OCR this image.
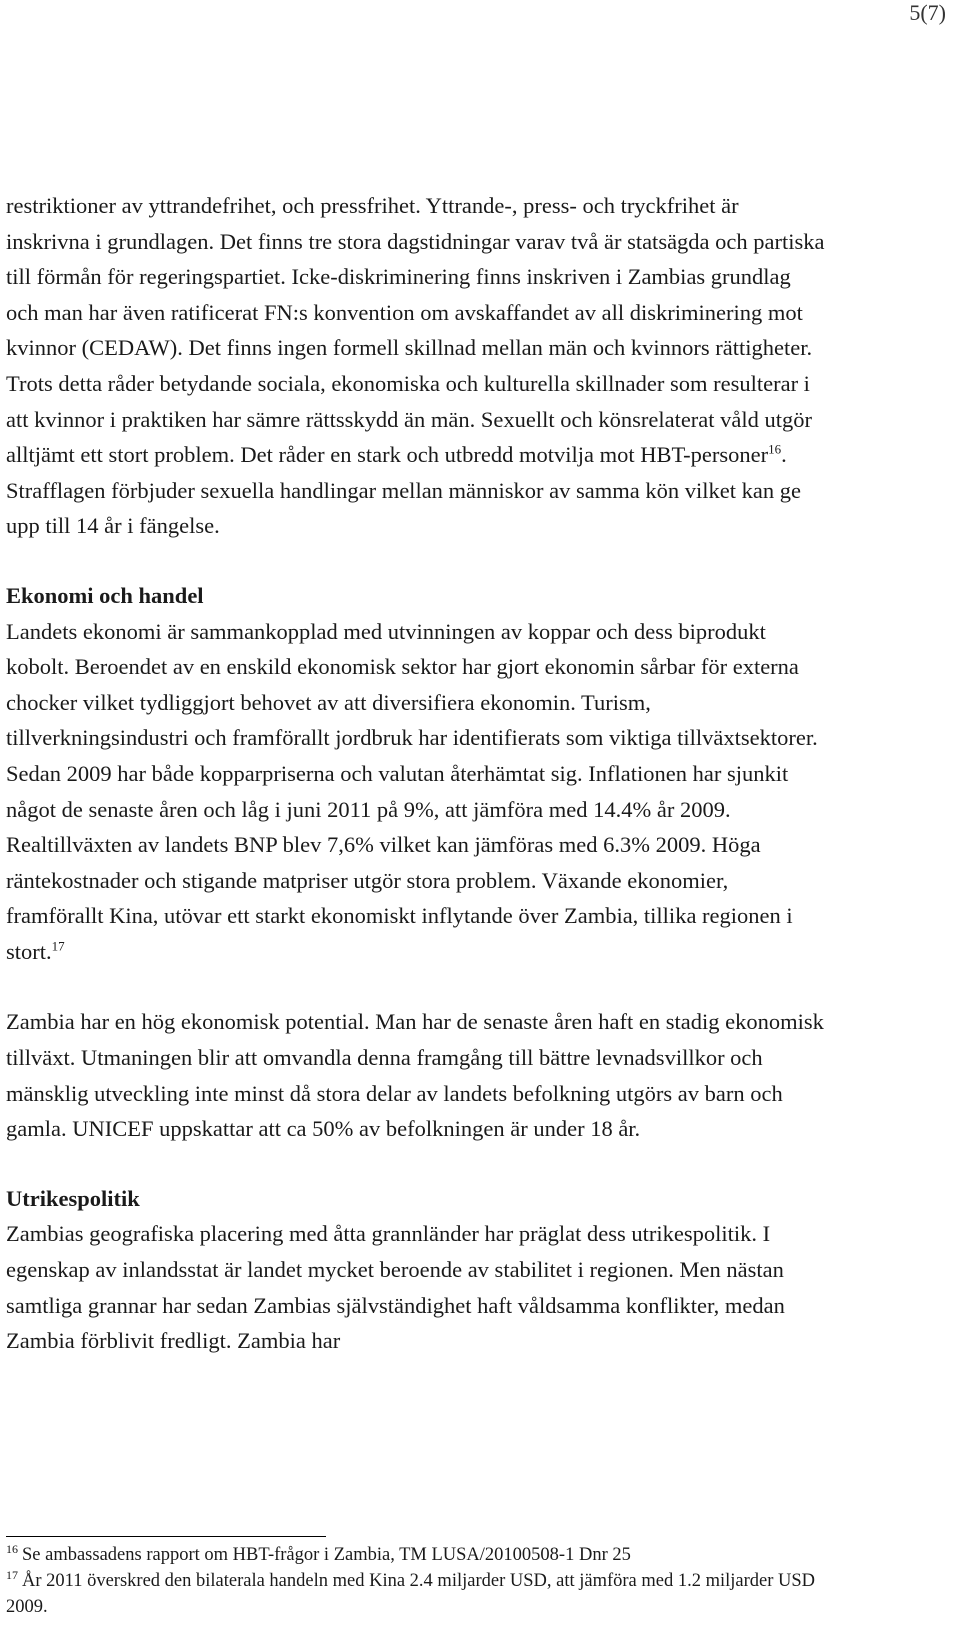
5(7)

restriktioner av yttrandefrihet, och pressfrihet. Yttrande-, press- och tryckfrihet är inskrivna i grundlagen. Det finns tre stora dagstidningar varav två är statsägda och partiska till förmån för regeringspartiet. Icke-diskriminering finns inskriven i Zambias grundlag och man har även ratificerat FN:s konvention om avskaffandet av all diskriminering mot kvinnor (CEDAW). Det finns ingen formell skillnad mellan män och kvinnors rättigheter. Trots detta råder betydande sociala, ekonomiska och kulturella skillnader som resulterar i att kvinnor i praktiken har sämre rättsskydd än män. Sexuellt och könsrelaterat våld utgör alltjämt ett stort problem. Det råder en stark och utbredd motvilja mot HBT-personer$^{16}$. Strafflagen förbjuder sexuella handlingar mellan människor av samma kön vilket kan ge upp till 14 år i fängelse.

Ekonomi och handel

Landets ekonomi är sammankopplad med utvinningen av koppar och dess biprodukt kobolt. Beroendet av en enskild ekonomisk sektor har gjort ekonomin sårbar för externa chocker vilket tydliggjort behovet av att diversifiera ekonomin. Turism, tillverkningsindustri och framförallt jordbruk har identifierats som viktiga tillväxtsektorer. Sedan 2009 har både kopparpriserna och valutan återhämtat sig. Inflationen har sjunkit något de senaste åren och låg i juni 2011 på 9%, att jämföra med 14.4% år 2009. Realtillväxten av landets BNP blev 7,6% vilket kan jämföras med 6.3% 2009. Höga räntekostnader och stigande matpriser utgör stora problem. Växande ekonomier, framförallt Kina, utövar ett starkt ekonomiskt inflytande över Zambia, tillika regionen i stort.$^{17}$

Zambia har en hög ekonomisk potential. Man har de senaste åren haft en stadig ekonomisk tillväxt. Utmaningen blir att omvandla denna framgång till bättre levnadsvillkor och mänsklig utveckling inte minst då stora delar av landets befolkning utgörs av barn och gamla. UNICEF uppskattar att ca 50% av befolkningen är under 18 år.

Utrikespolitik

Zambias geografiska placering med åtta grannländer har präglat dess utrikespolitik. I egenskap av inlandsstat är landet mycket beroende av stabilitet i regionen. Men nästan samtliga grannar har sedan Zambias självständighet haft våldsamma konflikter, medan Zambia förblivit fredligt. Zambia har

$^{16}$ Se ambassadens rapport om HBT-frågor i Zambia, TM LUSA/20100508-1 Dnr 25

$^{17}$ År 2011 överskred den bilaterala handeln med Kina 2.4 miljarder USD, att jämföra med 1.2 miljarder USD 2009.
